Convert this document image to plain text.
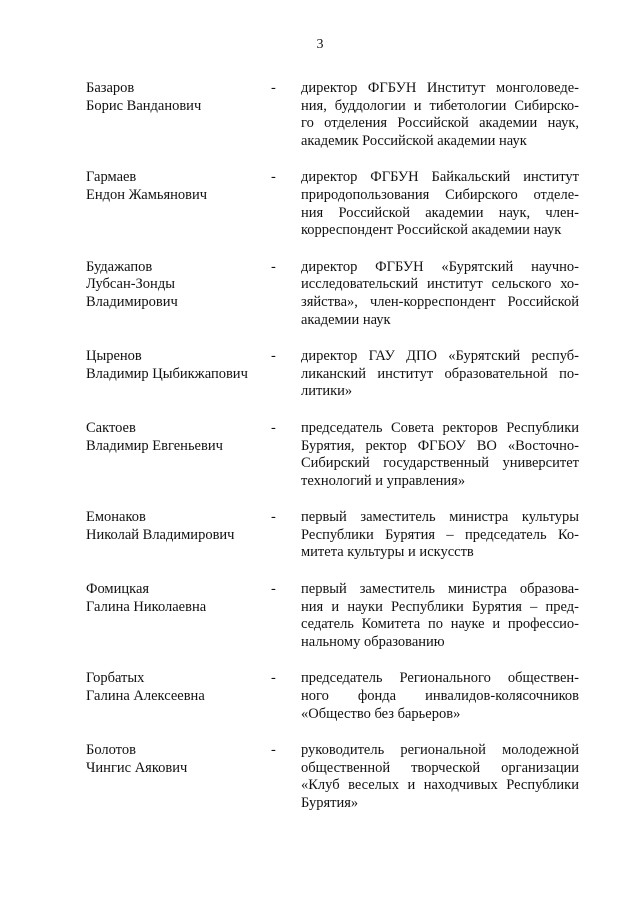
3
Базаров
Борис Ванданович
-	директор ФГБУН Институт монголоведе-
ния, буддологии и тибетологии Сибирско-
го отделения Российской академии наук,
академик Российской академии наук
Гармаев
Ендон Жамьянович
-	директор ФГБУН Байкальский институт
природопользования Сибирского отделе-
ния Российской академии наук, член-
корреспондент Российской академии наук
Будажапов
Лубсан-Зонды
Владимирович
-	директор ФГБУН «Бурятский научно-
исследовательский институт сельского хо-
зяйства», член-корреспондент Российской
академии наук
Цыренов
Владимир Цыбикжапович
-	директор ГАУ ДПО «Бурятский респуб-
ликанский институт образовательной по-
литики»
Сактоев
Владимир Евгеньевич
-	председатель Совета ректоров Республики
Бурятия, ректор ФГБОУ ВО «Восточно-
Сибирский государственный университет
технологий и управления»
Емонаков
Николай Владимирович
-	первый заместитель министра культуры
Республики Бурятия – председатель Ко-
митета культуры и искусств
Фомицкая
Галина Николаевна
-	первый заместитель министра образова-
ния и науки Республики Бурятия – пред-
седатель Комитета по науке и профессио-
нальному образованию
Горбатых
Галина Алексеевна
-	председатель Регионального обществен-
ного фонда инвалидов-колясочников
«Общество без барьеров»
Болотов
Чингис Аякович
-	руководитель региональной молодежной
общественной творческой организации
«Клуб веселых и находчивых Республики
Бурятия»
